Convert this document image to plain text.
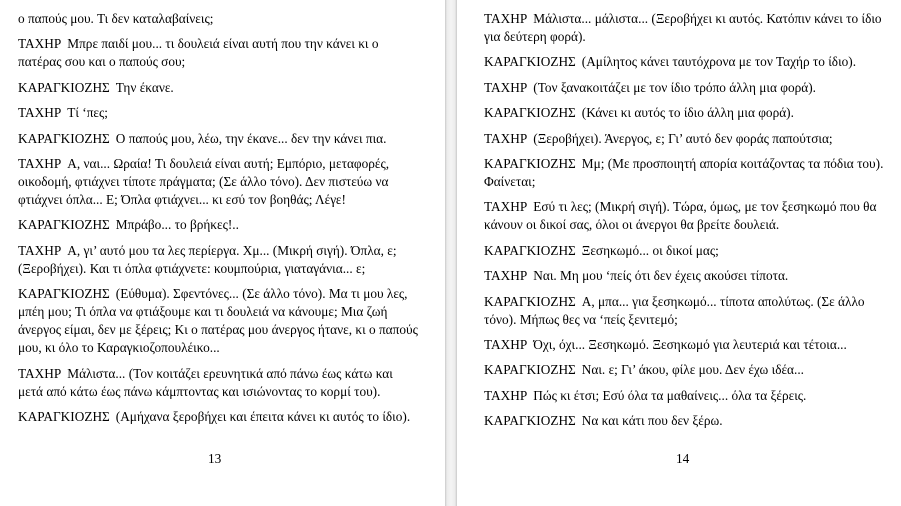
ο παπούς μου. Τι δεν καταλαβαίνεις;

ΤΑΧΗΡ Μπρε παιδί μου... τι δουλειά είναι αυτή που την κάνει κι ο πατέρας σου και ο παπούς σου;

ΚΑΡΑΓΚΙΟΖΗΣ Την έκανε.

ΤΑΧΗΡ Τί ‘πες;

ΚΑΡΑΓΚΙΟΖΗΣ Ο παπούς μου, λέω, την έκανε... δεν την κάνει πια.

ΤΑΧΗΡ Α, ναι... Ωραία! Τι δουλειά είναι αυτή; Εμπόριο, μεταφορές, οικοδομή, φτιάχνει τίποτε πράγματα; (Σε άλλο τόνο). Δεν πιστεύω να φτιάχνει όπλα... Ε; Όπλα φτιάχνει... κι εσύ τον βοηθάς; Λέγε!

ΚΑΡΑΓΚΙΟΖΗΣ Μπράβο... το βρήκες!..

ΤΑΧΗΡ Α, γι’ αυτό μου τα λες περίεργα. Χμ... (Μικρή σιγή). Όπλα, ε; (Ξεροβήχει). Και τι όπλα φτιάχνετε: κουμπούρια, γιαταγάνια... ε;

ΚΑΡΑΓΚΙΟΖΗΣ (Εύθυμα). Σφεντόνες... (Σε άλλο τόνο). Μα τι μου λες, μπέη μου; Τι όπλα να φτιάξουμε και τι δουλειά να κάνουμε; Μια ζωή άνεργος είμαι, δεν με ξέρεις; Κι ο πατέρας μου άνεργος ήτανε, κι ο παπούς μου, κι όλο το Καραγκιοζοπουλέικο...

ΤΑΧΗΡ Μάλιστα... (Τον κοιτάζει ερευνητικά από πάνω έως κάτω και μετά από κάτω έως πάνω κάμπτοντας και ισιώνοντας το κορμί του).

ΚΑΡΑΓΚΙΟΖΗΣ (Αμήχανα ξεροβήχει και έπειτα κάνει κι αυτός το ίδιο).

13

ΤΑΧΗΡ Μάλιστα... μάλιστα... (Ξεροβήχει κι αυτός. Κατόπιν κάνει το ίδιο για δεύτερη φορά).

ΚΑΡΑΓΚΙΟΖΗΣ (Αμίλητος κάνει ταυτόχρονα με τον Ταχήρ το ίδιο).

ΤΑΧΗΡ (Τον ξανακοιτάζει με τον ίδιο τρόπο άλλη μια φορά).

ΚΑΡΑΓΚΙΟΖΗΣ (Κάνει κι αυτός το ίδιο άλλη μια φορά).

ΤΑΧΗΡ (Ξεροβήχει). Άνεργος, ε; Γι’ αυτό δεν φοράς παπούτσια;

ΚΑΡΑΓΚΙΟΖΗΣ Μμ; (Με προσποιητή απορία κοιτάζοντας τα πόδια του). Φαίνεται;

ΤΑΧΗΡ Εσύ τι λες; (Μικρή σιγή). Τώρα, όμως, με τον ξεσηκωμό που θα κάνουν οι δικοί σας, όλοι οι άνεργοι θα βρείτε δουλειά.

ΚΑΡΑΓΚΙΟΖΗΣ Ξεσηκωμό... οι δικοί μας;

ΤΑΧΗΡ Ναι. Μη μου ‘πείς ότι δεν έχεις ακούσει τίποτα.

ΚΑΡΑΓΚΙΟΖΗΣ Α, μπα... για ξεσηκωμό... τίποτα απολύτως. (Σε άλλο τόνο). Μήπως θες να ‘πείς ξενιτεμό;

ΤΑΧΗΡ Όχι, όχι... Ξεσηκωμό. Ξεσηκωμό για λευτεριά και τέτοια...

ΚΑΡΑΓΚΙΟΖΗΣ Ναι. ε; Γι’ άκου, φίλε μου. Δεν έχω ιδέα...

ΤΑΧΗΡ Πώς κι έτσι; Εσύ όλα τα μαθαίνεις... όλα τα ξέρεις.

ΚΑΡΑΓΚΙΟΖΗΣ Να και κάτι που δεν ξέρω.

14
